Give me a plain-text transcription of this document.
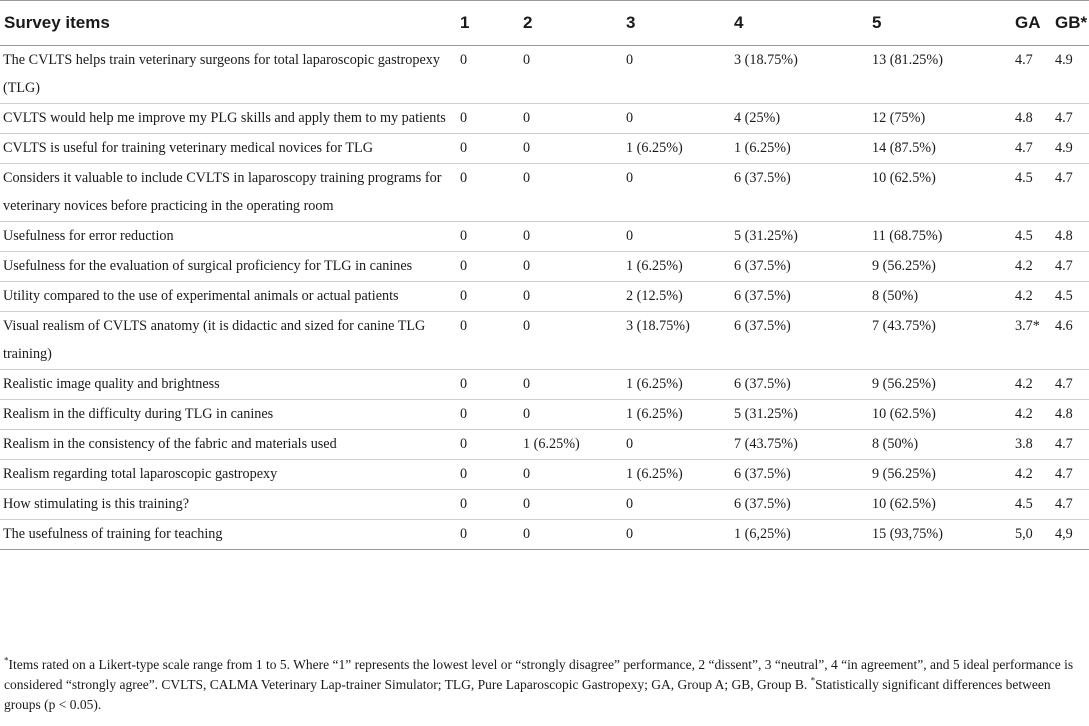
Survey items	1	2	3	4	5	GA	GB*
The CVLTS helps train veterinary surgeons for total laparoscopic gastropexy (TLG)	0	0	0	3 (18.75%)	13 (81.25%)	4.7	4.9
CVLTS would help me improve my PLG skills and apply them to my patients	0	0	0	4 (25%)	12 (75%)	4.8	4.7
CVLTS is useful for training veterinary medical novices for TLG	0	0	1 (6.25%)	1 (6.25%)	14 (87.5%)	4.7	4.9
Considers it valuable to include CVLTS in laparoscopy training programs for veterinary novices before practicing in the operating room	0	0	0	6 (37.5%)	10 (62.5%)	4.5	4.7
Usefulness for error reduction	0	0	0	5 (31.25%)	11 (68.75%)	4.5	4.8
Usefulness for the evaluation of surgical proficiency for TLG in canines	0	0	1 (6.25%)	6 (37.5%)	9 (56.25%)	4.2	4.7
Utility compared to the use of experimental animals or actual patients	0	0	2 (12.5%)	6 (37.5%)	8 (50%)	4.2	4.5
Visual realism of CVLTS anatomy (it is didactic and sized for canine TLG training)	0	0	3 (18.75%)	6 (37.5%)	7 (43.75%)	3.7*	4.6
Realistic image quality and brightness	0	0	1 (6.25%)	6 (37.5%)	9 (56.25%)	4.2	4.7
Realism in the difficulty during TLG in canines	0	0	1 (6.25%)	5 (31.25%)	10 (62.5%)	4.2	4.8
Realism in the consistency of the fabric and materials used	0	1 (6.25%)	0	7 (43.75%)	8 (50%)	3.8	4.7
Realism regarding total laparoscopic gastropexy	0	0	1 (6.25%)	6 (37.5%)	9 (56.25%)	4.2	4.7
How stimulating is this training?	0	0	0	6 (37.5%)	10 (62.5%)	4.5	4.7
The usefulness of training for teaching	0	0	0	1 (6,25%)	15 (93,75%)	5,0	4,9
*Items rated on a Likert-type scale range from 1 to 5. Where “1” represents the lowest level or “strongly disagree” performance, 2 “dissent”, 3 “neutral”, 4 “in agreement”, and 5 ideal performance is considered “strongly agree”. CVLTS, CALMA Veterinary Lap-trainer Simulator; TLG, Pure Laparoscopic Gastropexy; GA, Group A; GB, Group B. *Statistically significant differences between groups (p < 0.05).
